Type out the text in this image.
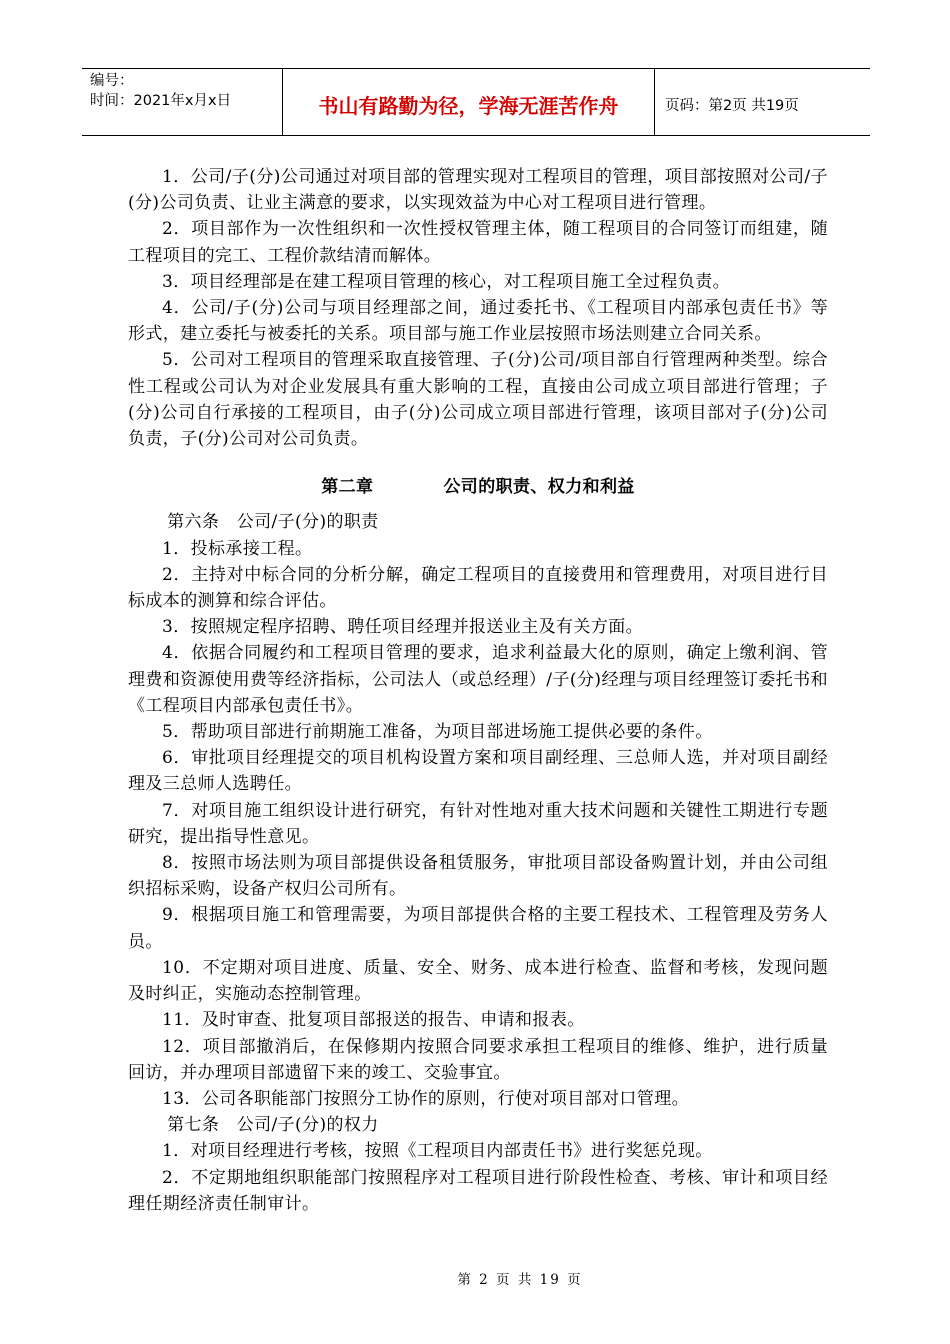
编号：
时间：2021年x月x日	书山有路勤为径，学海无涯苦作舟	页码：第2页 共19页

1．公司/子(分)公司通过对项目部的管理实现对工程项目的管理，项目部按照对公司/子(分)公司负责、让业主满意的要求，以实现效益为中心对工程项目进行管理。

2．项目部作为一次性组织和一次性授权管理主体，随工程项目的合同签订而组建，随工程项目的完工、工程价款结清而解体。

3．项目经理部是在建工程项目管理的核心，对工程项目施工全过程负责。

4．公司/子(分)公司与项目经理部之间，通过委托书、《工程项目内部承包责任书》等形式，建立委托与被委托的关系。项目部与施工作业层按照市场法则建立合同关系。

5．公司对工程项目的管理采取直接管理、子(分)公司/项目部自行管理两种类型。综合性工程或公司认为对企业发展具有重大影响的工程，直接由公司成立项目部进行管理；子(分)公司自行承接的工程项目，由子(分)公司成立项目部进行管理，该项目部对子(分)公司负责，子(分)公司对公司负责。

第二章	公司的职责、权力和利益

第六条　公司/子(分)的职责

1．投标承接工程。

2．主持对中标合同的分析分解，确定工程项目的直接费用和管理费用，对项目进行目标成本的测算和综合评估。

3．按照规定程序招聘、聘任项目经理并报送业主及有关方面。

4．依据合同履约和工程项目管理的要求，追求利益最大化的原则，确定上缴利润、管理费和资源使用费等经济指标，公司法人（或总经理）/子(分)经理与项目经理签订委托书和《工程项目内部承包责任书》。

5．帮助项目部进行前期施工准备，为项目部进场施工提供必要的条件。

6．审批项目经理提交的项目机构设置方案和项目副经理、三总师人选，并对项目副经理及三总师人选聘任。

7．对项目施工组织设计进行研究，有针对性地对重大技术问题和关键性工期进行专题研究，提出指导性意见。

8．按照市场法则为项目部提供设备租赁服务，审批项目部设备购置计划，并由公司组织招标采购，设备产权归公司所有。

9．根据项目施工和管理需要，为项目部提供合格的主要工程技术、工程管理及劳务人员。

10．不定期对项目进度、质量、安全、财务、成本进行检查、监督和考核，发现问题及时纠正，实施动态控制管理。

11．及时审查、批复项目部报送的报告、申请和报表。

12．项目部撤消后，在保修期内按照合同要求承担工程项目的维修、维护，进行质量回访，并办理项目部遗留下来的竣工、交验事宜。

13．公司各职能部门按照分工协作的原则，行使对项目部对口管理。

第七条　公司/子(分)的权力

1．对项目经理进行考核，按照《工程项目内部责任书》进行奖惩兑现。

2．不定期地组织职能部门按照程序对工程项目进行阶段性检查、考核、审计和项目经理任期经济责任制审计。

第 2 页 共 19 页
